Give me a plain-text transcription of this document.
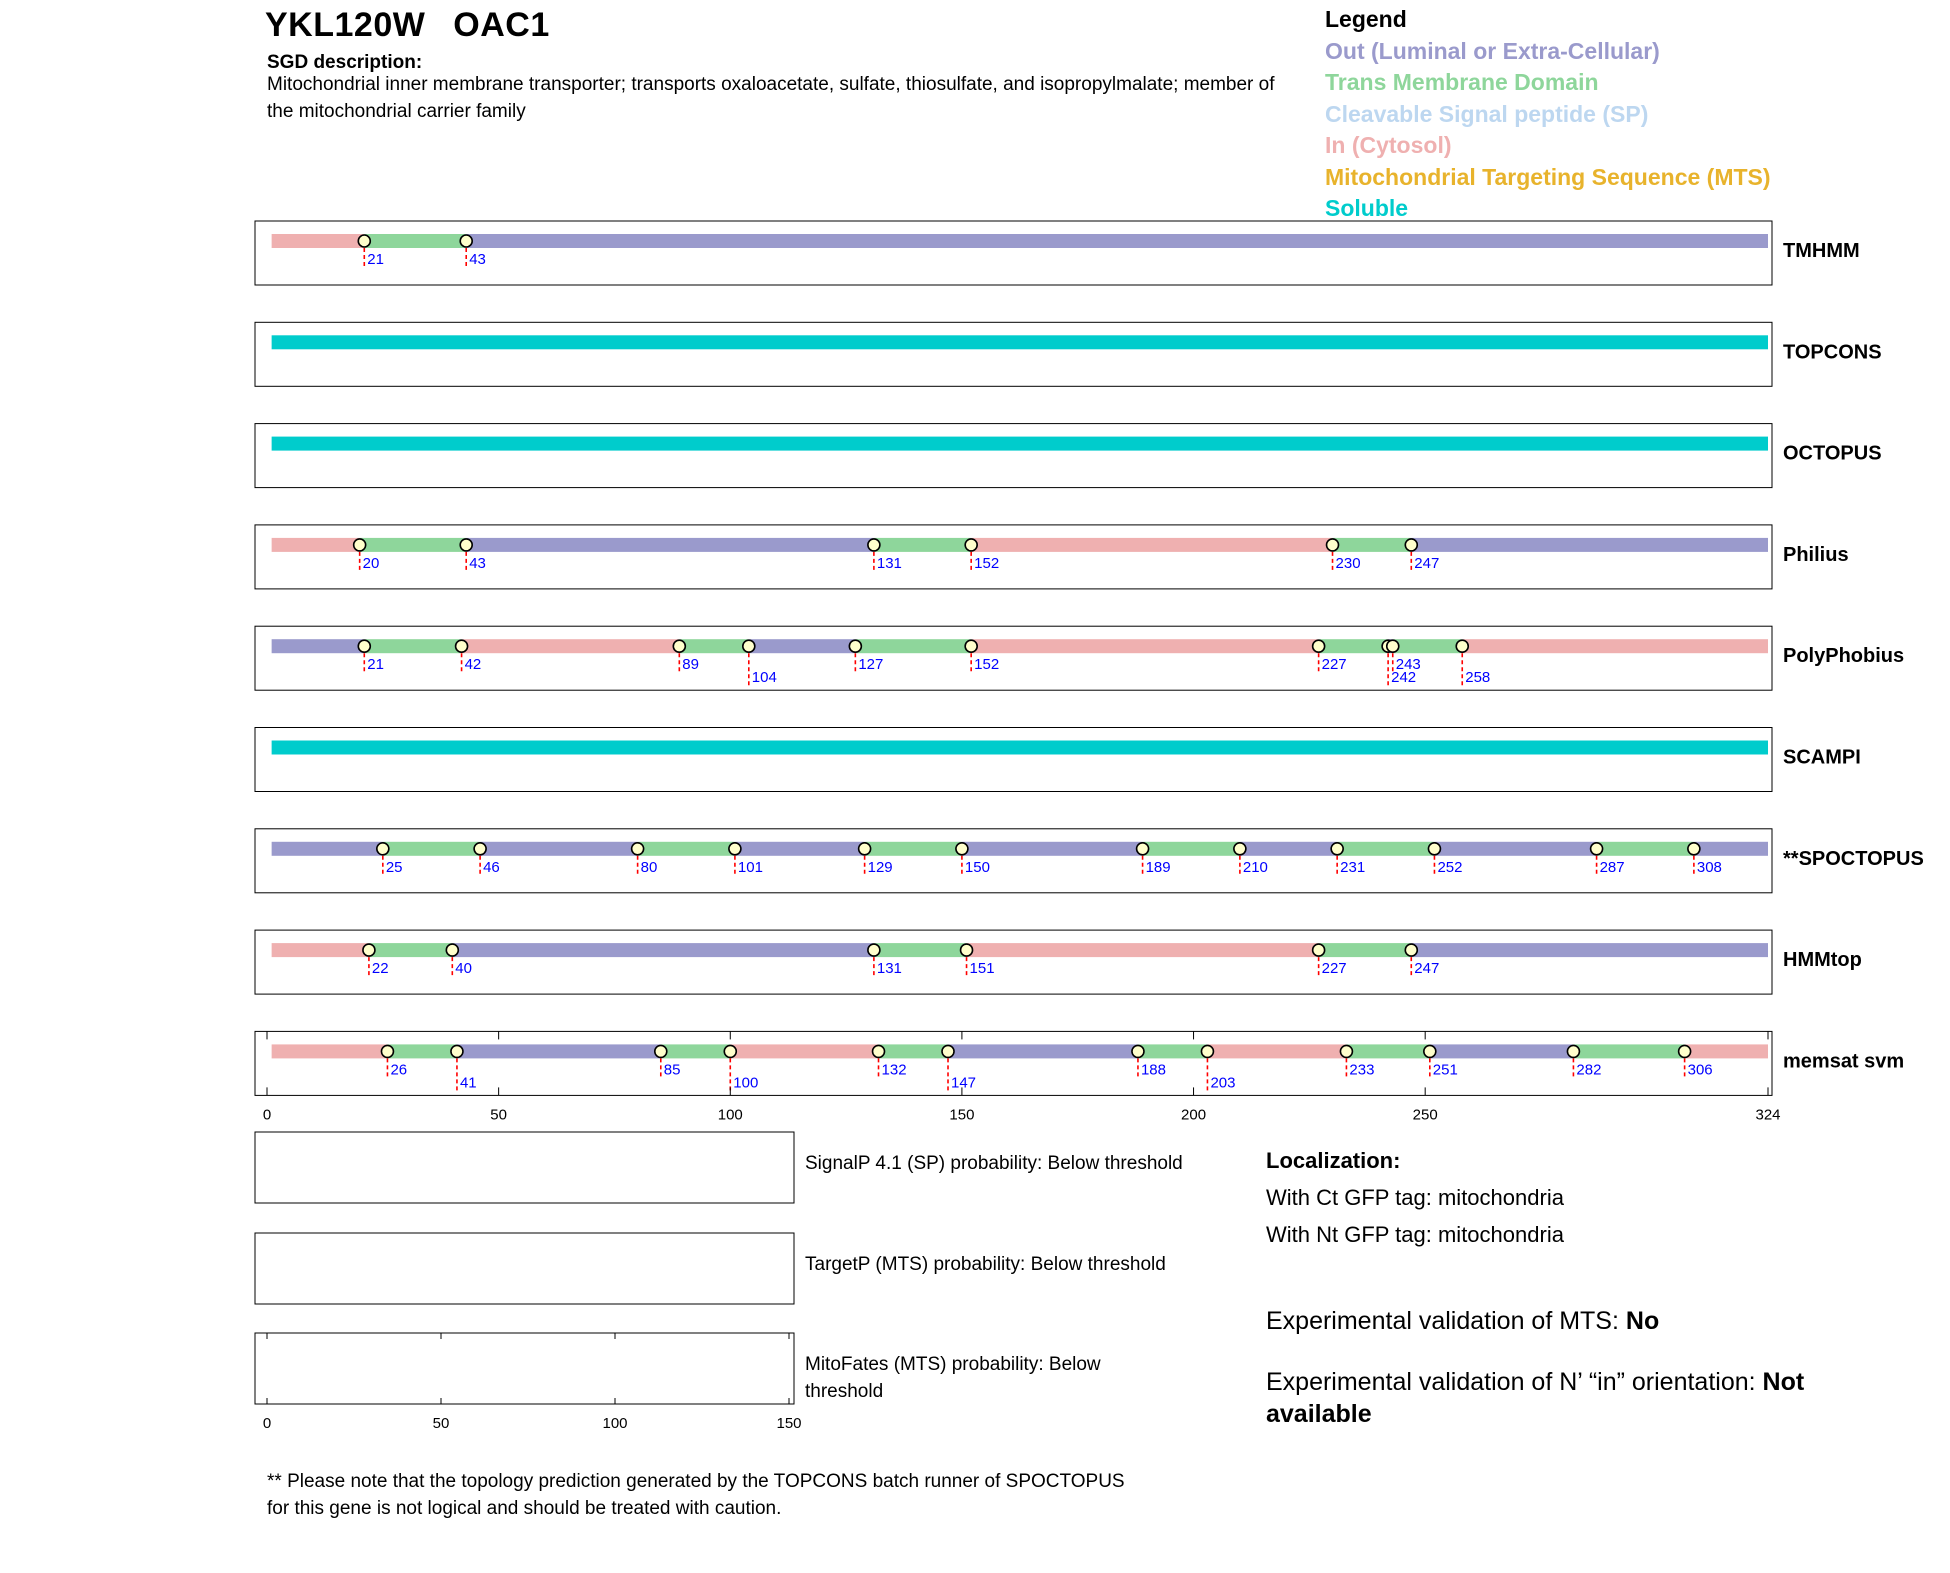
YKL120W OAC1
SGD description:
Mitochondrial inner membrane transporter; transports oxaloacetate, sulfate, thiosulfate, and isopropylmalate; member of the mitochondrial carrier family
Legend
Out (Luminal or Extra-Cellular)
Trans Membrane Domain
Cleavable Signal peptide (SP)
In (Cytosol)
Mitochondrial Targeting Sequence (MTS)
Soluble
21	43	TMHMM
TOPCONS
OCTOPUS
20	43	131	152	230	247	Philius
21	42	89
104
127	152	227
242
243
258
PolyPhobius
SCAMPI
25	46	80	101	129	150	189	210	231	252	287	308	**SPOCTOPUS
22	40	131	151	227	247	HMMtop
26
41
85
100
132
147
188
203
233	251	282	306	memsat svm
0	50	100	150	200	250	324
SignalP 4.1 (SP) probability: Below threshold
TargetP (MTS) probability: Below threshold
MitoFates (MTS) probability: Below threshold
0	50	100	150
Localization:
With Ct GFP tag: mitochondria
With Nt GFP tag: mitochondria
Experimental validation of MTS: No
Experimental validation of N’ “in” orientation: Not available
** Please note that the topology prediction generated by the TOPCONS batch runner of SPOCTOPUS for this gene is not logical and should be treated with caution.
